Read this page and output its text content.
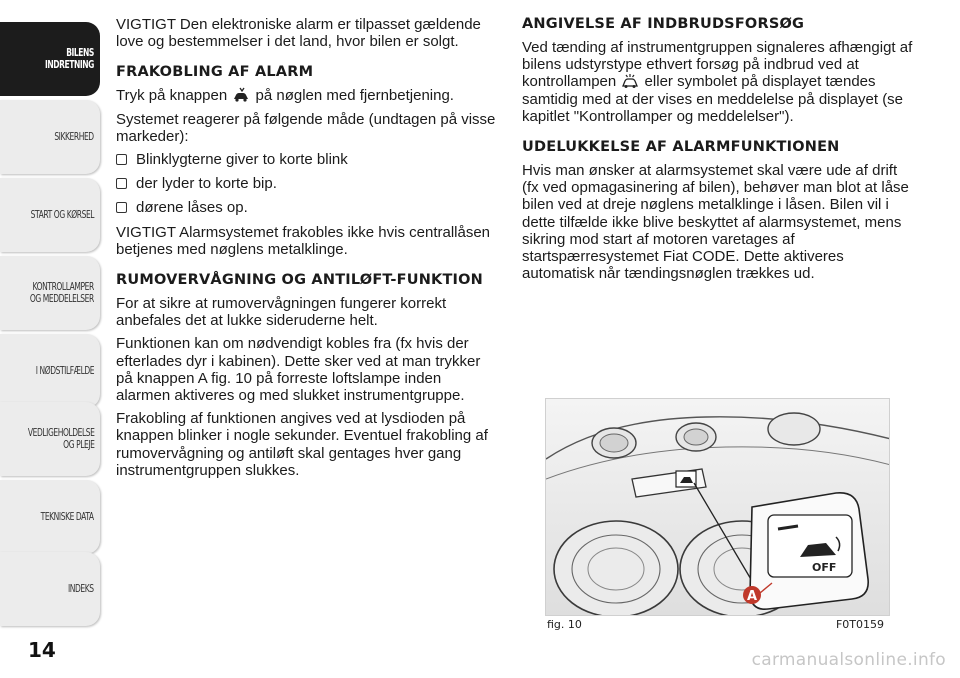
BILENS
INDRETNING
SIKKERHED
START OG KØRSEL
KONTROLLAMPER
OG MEDDELELSER
I NØDSTILFÆLDE
VEDLIGEHOLDELSE
OG PLEJE
TEKNISKE DATA
INDEKS
14

VIGTIGT Den elektroniske alarm er tilpasset gældende love og bestemmelser i det land, hvor bilen er solgt.

FRAKOBLING AF ALARM

Tryk på knappen  på nøglen med fjernbetjening.

Systemet reagerer på følgende måde (undtagen på visse markeder):

Blinklygterne giver to korte blink
der lyder to korte bip.
dørene låses op.

VIGTIGT Alarmsystemet frakobles ikke hvis centrallåsen betjenes med nøglens metalklinge.

RUMOVERVÅGNING OG ANTILØFT-FUNKTION

For at sikre at rumovervågningen fungerer korrekt anbefales det at lukke sideruderne helt.

Funktionen kan om nødvendigt kobles fra (fx hvis der efterlades dyr i kabinen). Dette sker ved at man trykker på knappen A fig. 10 på forreste loftslampe inden alarmen aktiveres og med slukket instrumentgruppe.

Frakobling af funktionen angives ved at lysdioden på knappen blinker i nogle sekunder. Eventuel frakobling af rumovervågning og antiløft skal gentages hver gang instrumentgruppen slukkes.

ANGIVELSE AF INDBRUDSFORSØG

Ved tænding af instrumentgruppen signaleres afhængigt af bilens udstyrstype ethvert forsøg på indbrud ved at kontrollampen  eller symbolet på displayet tændes samtidig med at der vises en meddelelse på displayet (se kapitlet "Kontrollamper og meddelelser").

UDELUKKELSE AF ALARMFUNKTIONEN

Hvis man ønsker at alarmsystemet skal være ude af drift (fx ved opmagasinering af bilen), behøver man blot at låse bilen ved at dreje nøglens metalklinge i låsen. Bilen vil i dette tilfælde ikke blive beskyttet af alarmsystemet, mens sikring mod start af motoren varetages af startspærresystemet Fiat CODE. Dette aktiveres automatisk når tændingsnøglen trækkes ud.

OFF
A
fig. 10	F0T0159
carmanualsonline.info
